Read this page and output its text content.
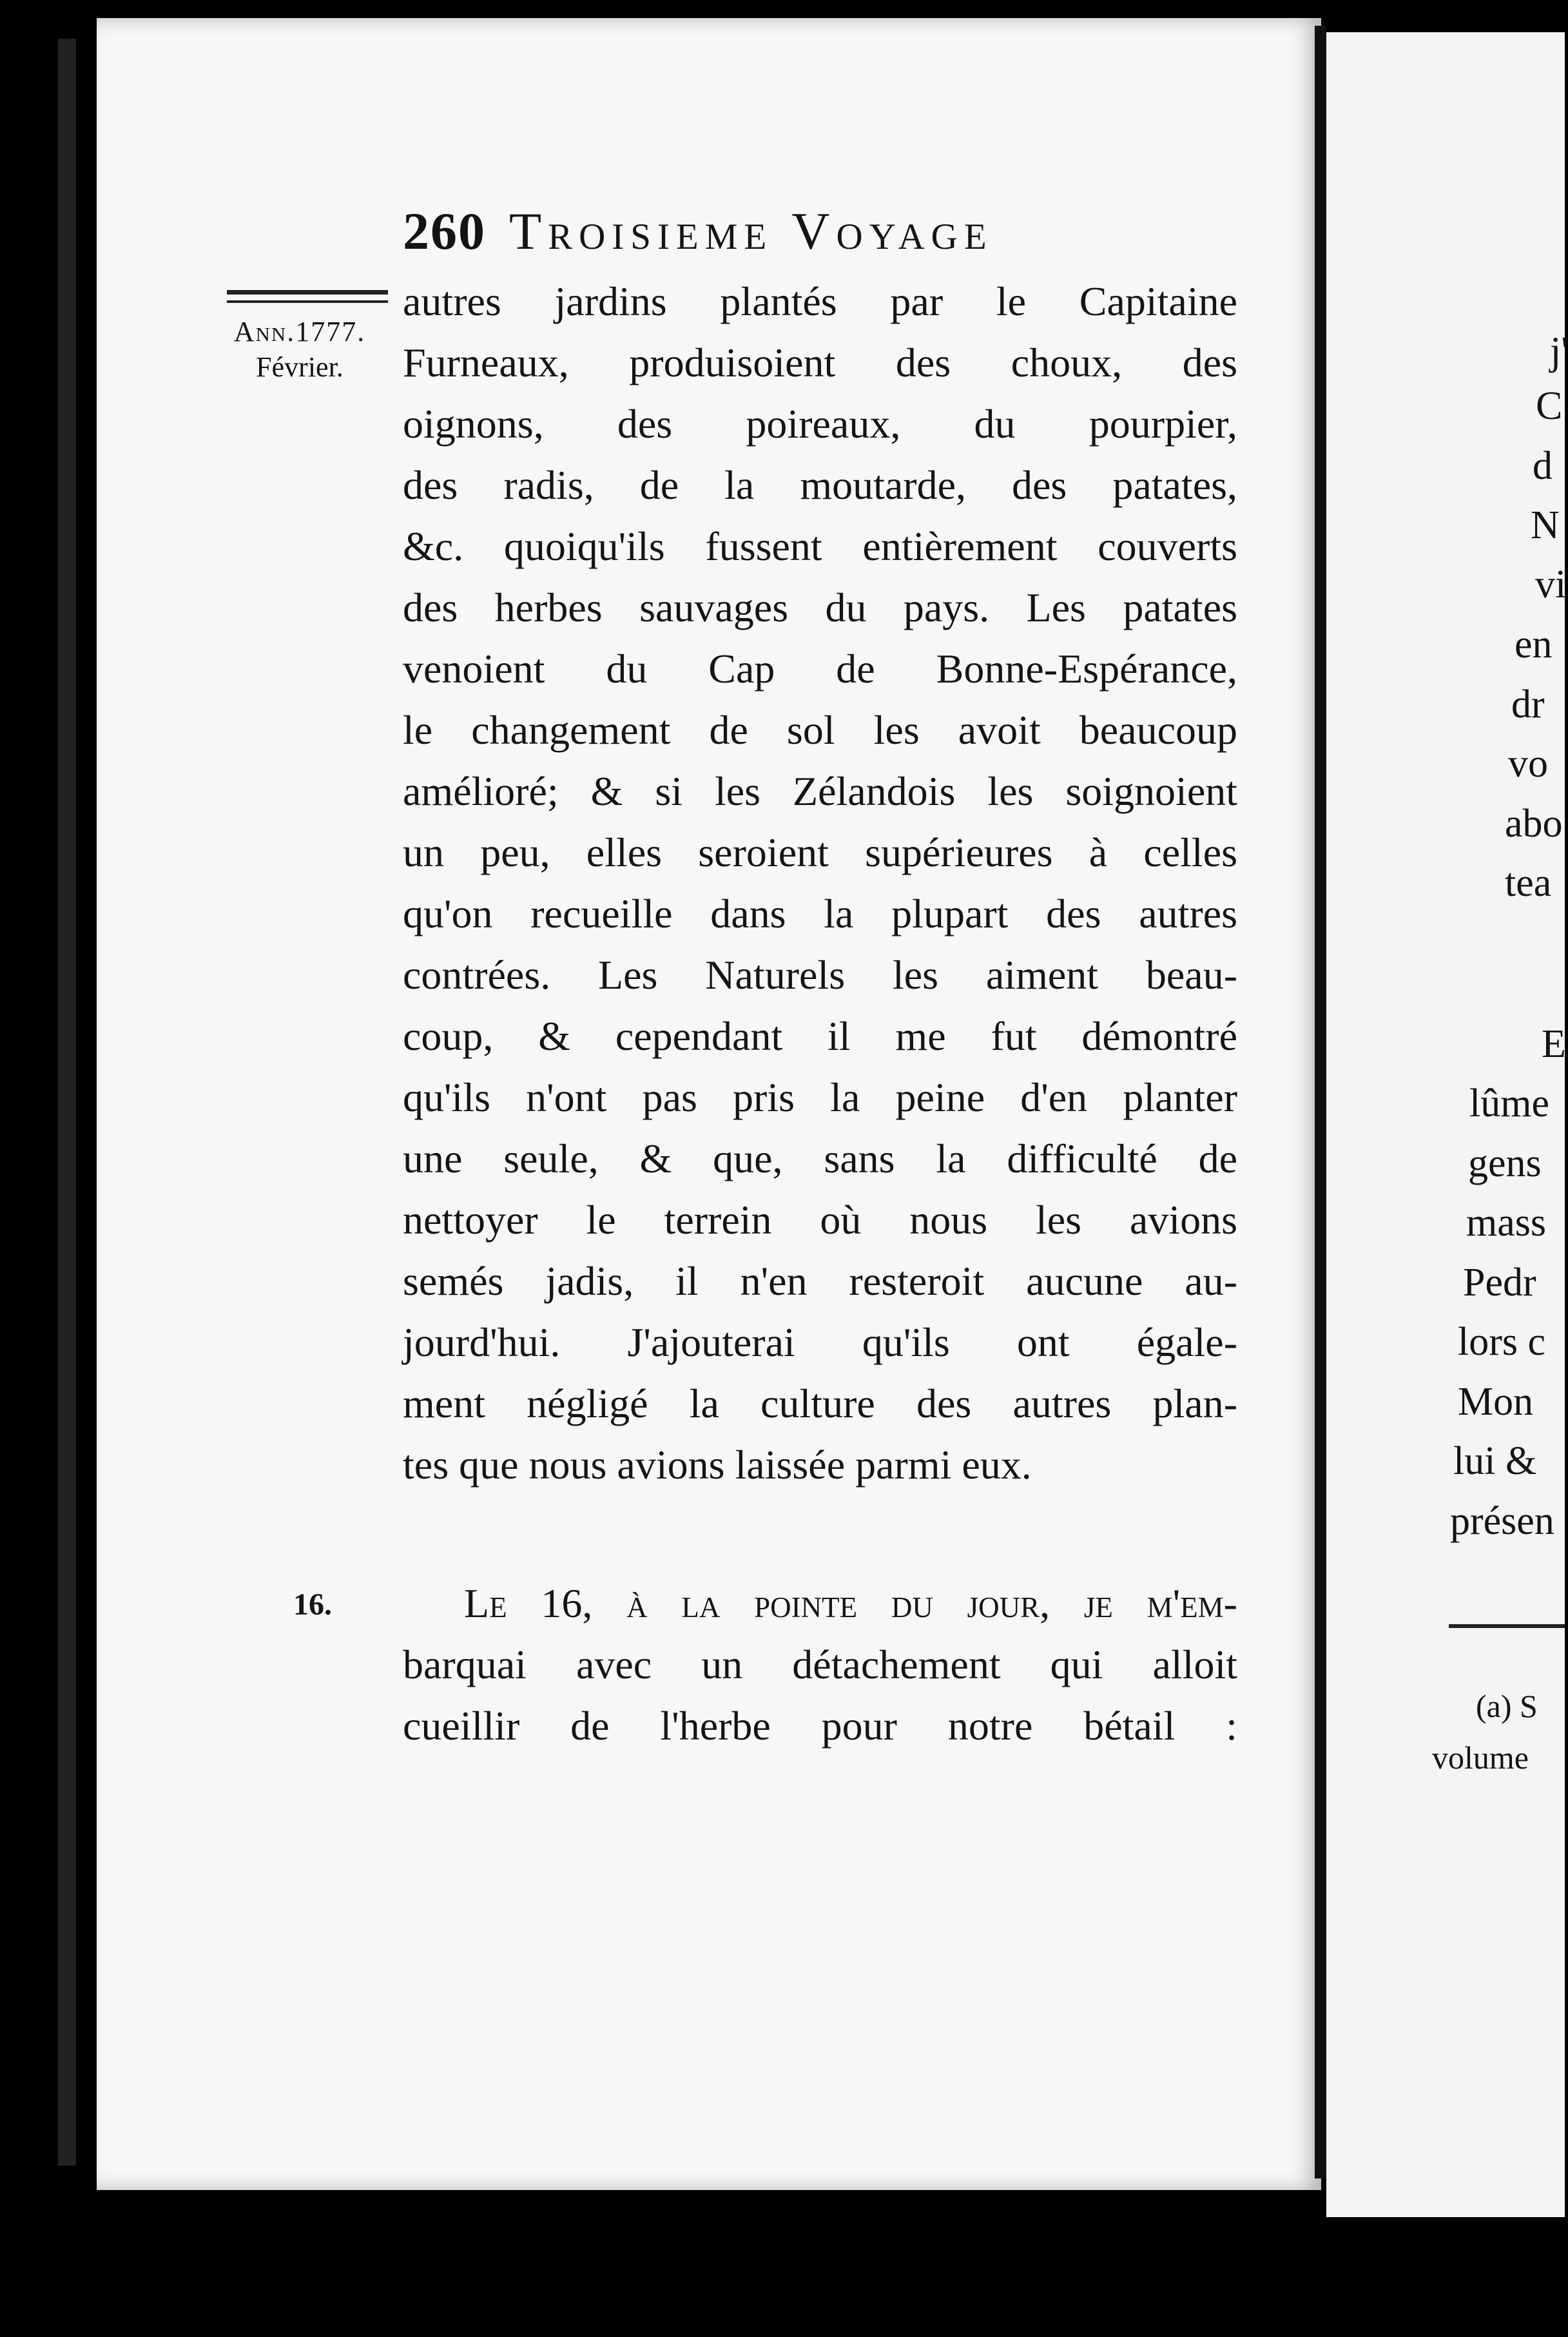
260 Troisieme Voyage
Ann.1777.
Février.
16.
autres jardins plantés par le Capitaine
Furneaux, produisoient des choux, des
oignons, des poireaux, du pourpier,
des radis, de la moutarde, des patates,
&c. quoiqu'ils fussent entièrement couverts
des herbes sauvages du pays. Les patates
venoient du Cap de Bonne-Espérance,
le changement de sol les avoit beaucoup
amélioré; & si les Zélandois les soignoient
un peu, elles seroient supérieures à celles
qu'on recueille dans la plupart des autres
contrées. Les Naturels les aiment beau-
coup, & cependant il me fut démontré
qu'ils n'ont pas pris la peine d'en planter
une seule, & que, sans la difficulté de
nettoyer le terrein où nous les avions
semés jadis, il n'en resteroit aucune au-
jourd'hui. J'ajouterai qu'ils ont égale-
ment négligé la culture des autres plan-
tes que nous avions laissée parmi eux.
Le 16, à la pointe du jour, je m'em-
barquai avec un détachement qui alloit
cueillir de l'herbe pour notre bétail :
j'
C
d
N
vi
en
dr
vo
abo
tea
E
lûme
gens
mass
Pedr
lors c
Mon
lui &
présen
(a) S
volume
